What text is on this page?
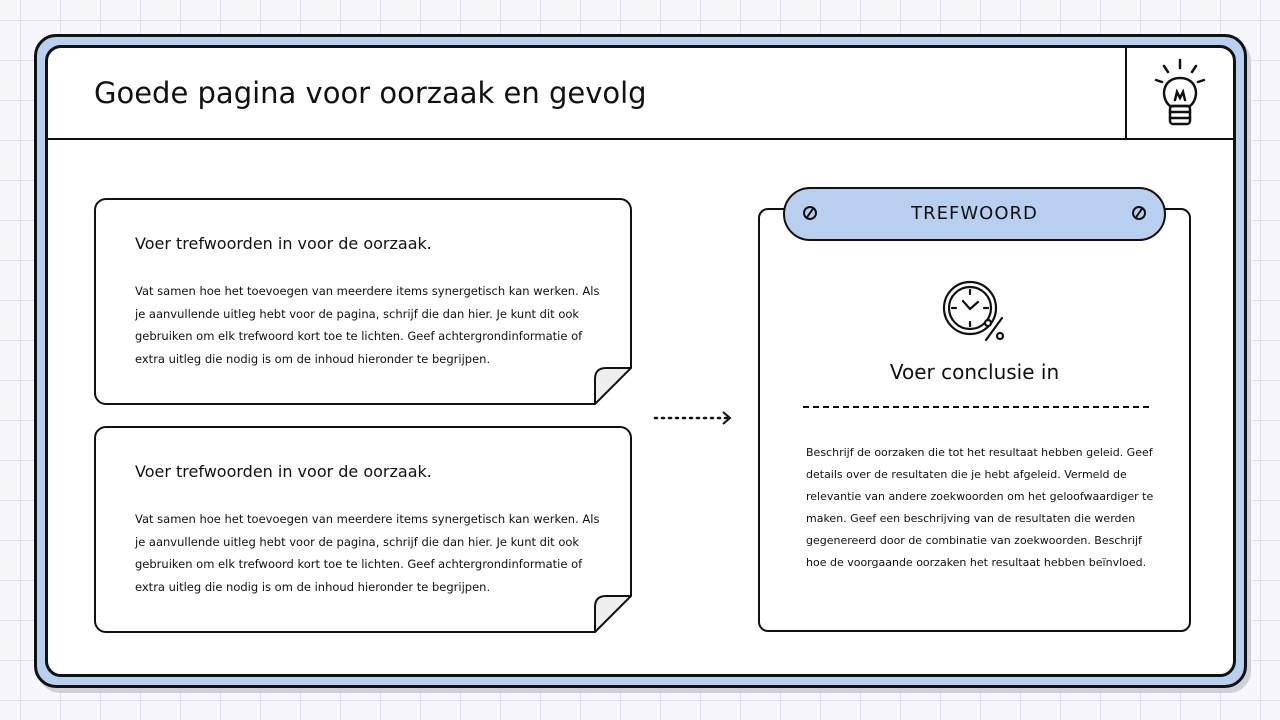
Goede pagina voor oorzaak en gevolg
Voer trefwoorden in voor de oorzaak.

Vat samen hoe het toevoegen van meerdere items synergetisch kan werken. Als je aanvullende uitleg hebt voor de pagina, schrijf die dan hier. Je kunt dit ook gebruiken om elk trefwoord kort toe te lichten. Geef achtergrondinformatie of extra uitleg die nodig is om de inhoud hieronder te begrijpen.

Voer trefwoorden in voor de oorzaak.

Vat samen hoe het toevoegen van meerdere items synergetisch kan werken. Als je aanvullende uitleg hebt voor de pagina, schrijf die dan hier. Je kunt dit ook gebruiken om elk trefwoord kort toe te lichten. Geef achtergrondinformatie of extra uitleg die nodig is om de inhoud hieronder te begrijpen.

Voer conclusie in

Beschrijf de oorzaken die tot het resultaat hebben geleid. Geef details over de resultaten die je hebt afgeleid. Vermeld de relevantie van andere zoekwoorden om het geloofwaardiger te maken. Geef een beschrijving van de resultaten die werden gegenereerd door de combinatie van zoekwoorden. Beschrijf hoe de voorgaande oorzaken het resultaat hebben beïnvloed.

TREFWOORD
